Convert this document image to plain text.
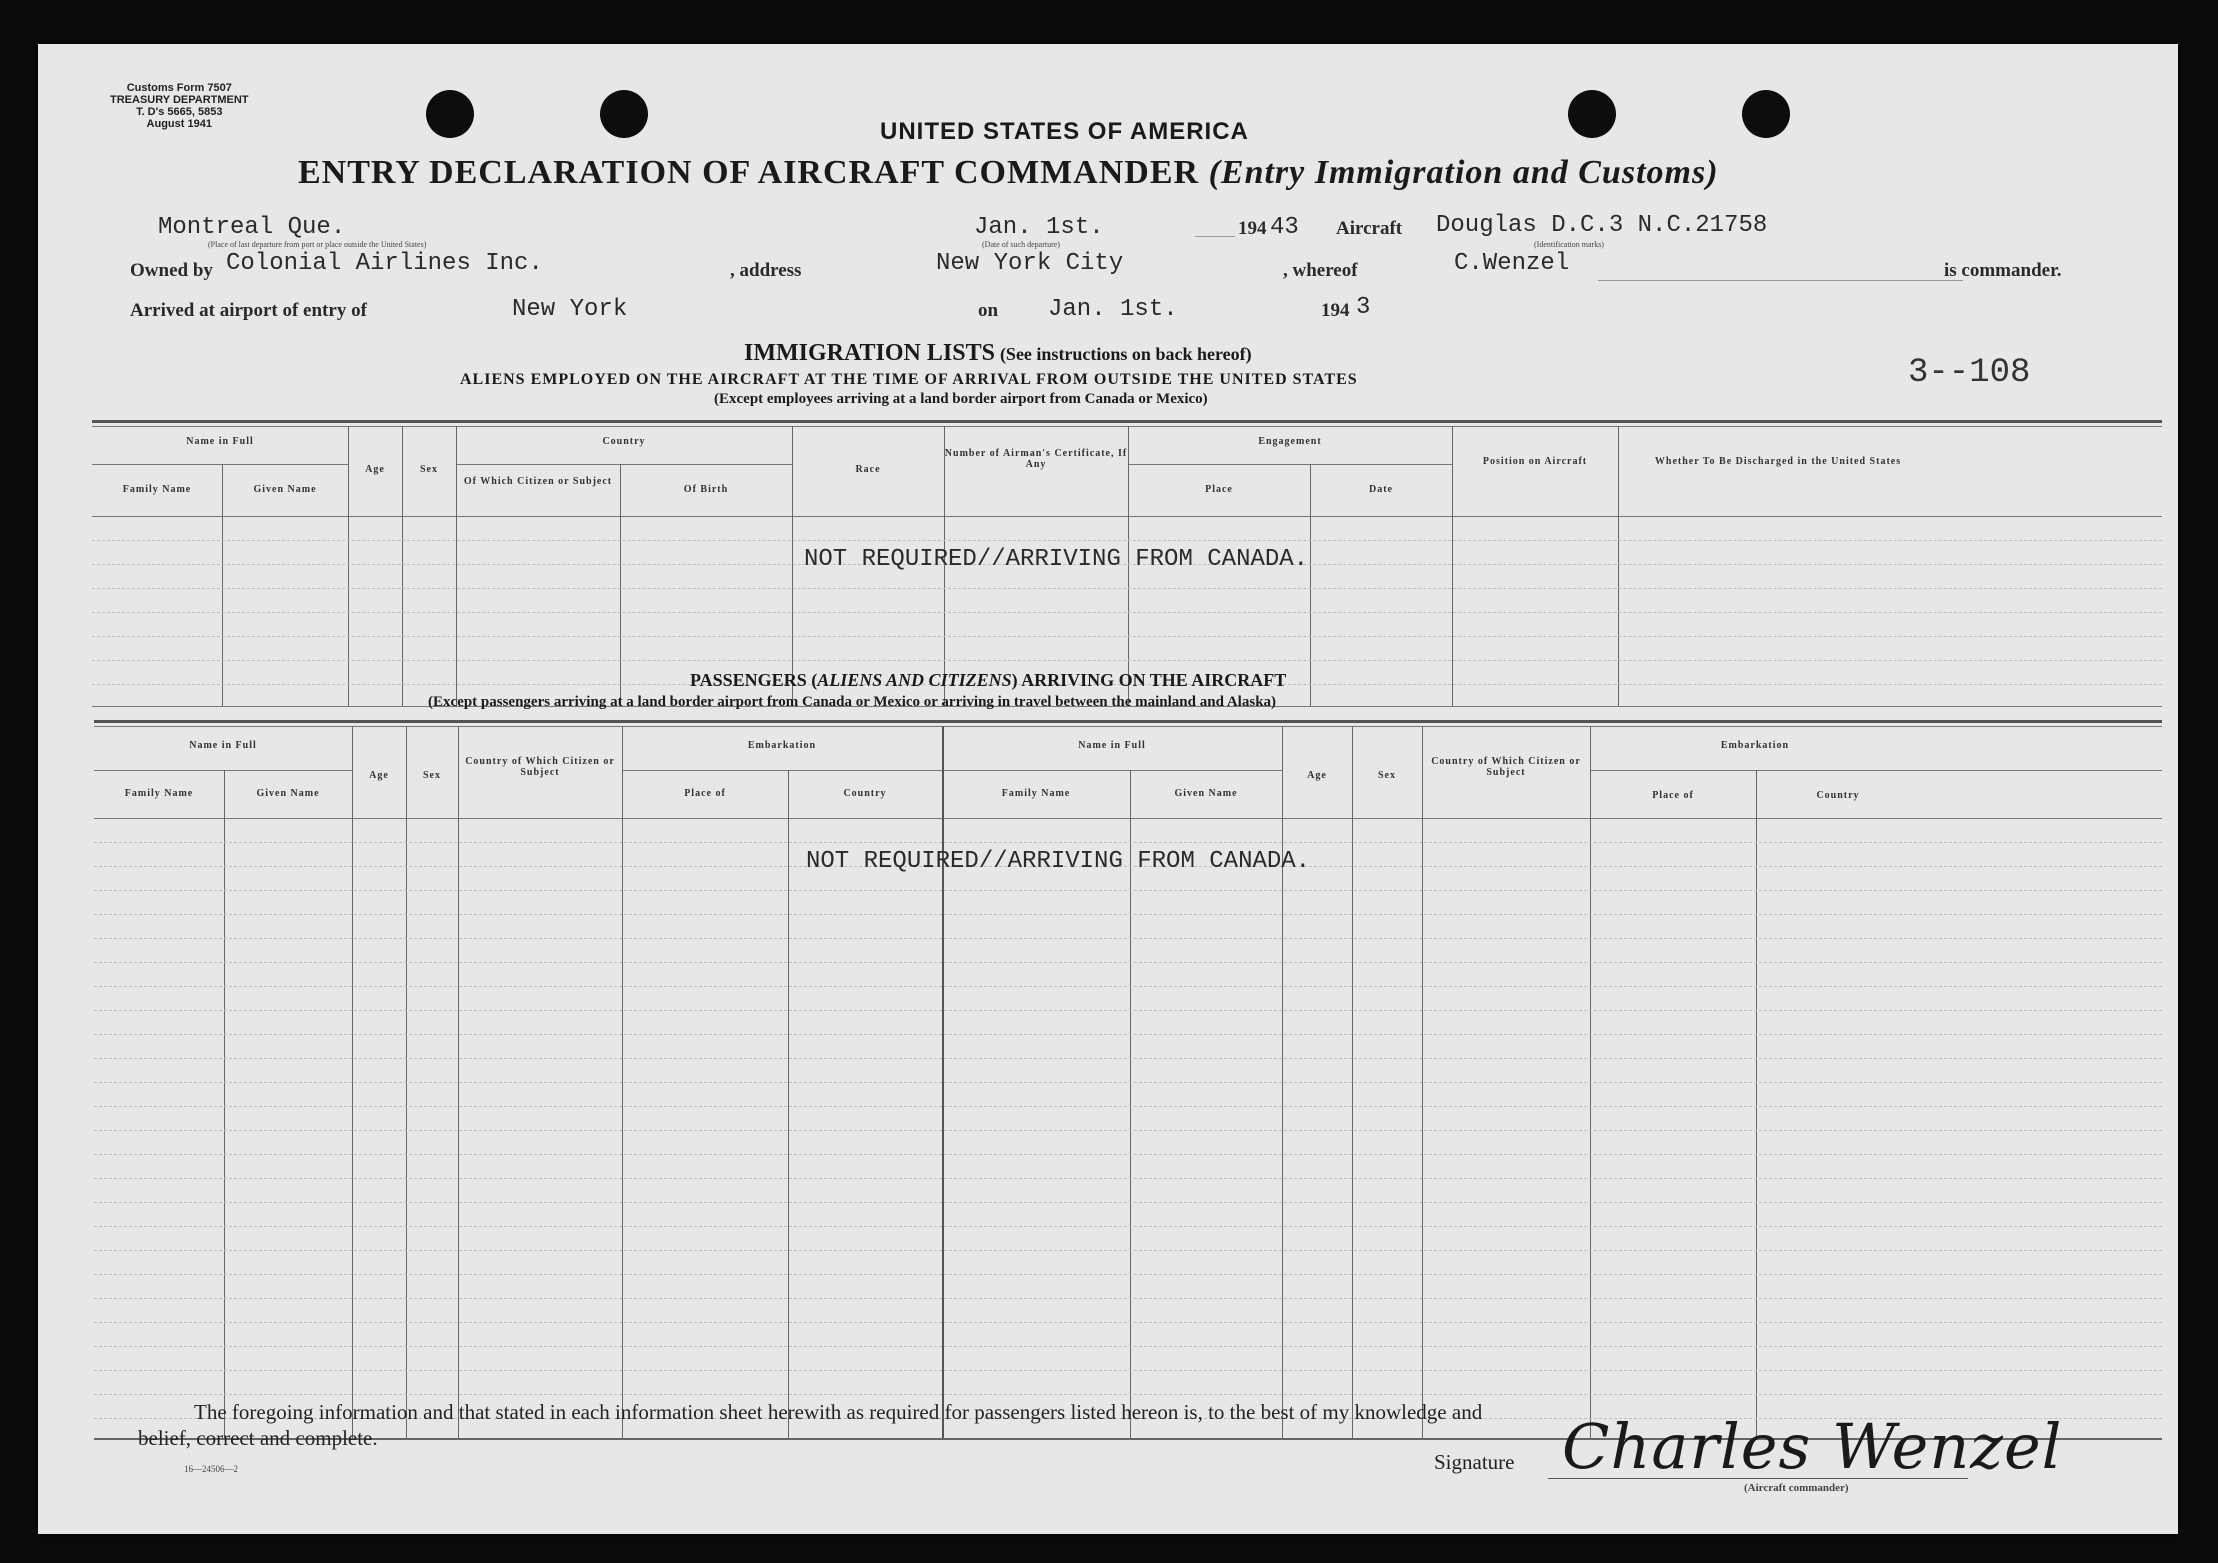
Customs Form 7507
TREASURY DEPARTMENT
T. D's 5665, 5853
August 1941	UNITED STATES OF AMERICA
ENTRY DECLARATION OF AIRCRAFT COMMANDER (Entry Immigration and Customs)
Montreal Que.
(Place of last departure from port or place outside the United States)
Jan. 1st.
(Date of such departure)
194 43 Aircraft Douglas D.C.3 N.C.21758
(Identification marks)
Owned by Colonial Airlines Inc.	, address	New York City	, whereof	C.Wenzel	is commander.
Arrived at airport of entry of	New York	on Jan. 1st.	194 3
3--108
IMMIGRATION LISTS (See instructions on back hereof)
ALIENS EMPLOYED ON THE AIRCRAFT AT THE TIME OF ARRIVAL FROM OUTSIDE THE UNITED STATES
(Except employees arriving at a land border airport from Canada or Mexico)
Name in Full
Family Name	Given Name
Age	Sex
Country
Of Which Citizen or Subject
Of Birth
Race
Number of Airman's Certificate, If Any
Engagement
Place	Date
Position on Aircraft	Whether To Be Discharged in the United States
NOT REQUIRED//ARRIVING FROM CANADA.
PASSENGERS (ALIENS AND CITIZENS) ARRIVING ON THE AIRCRAFT
(Except passengers arriving at a land border airport from Canada or Mexico or arriving in travel between the mainland and Alaska)
Name in Full
Family Name	Given Name
Age	Sex
Country of Which Citizen or Subject
Embarkation
Place of	Country
Name in Full
Family Name	Given Name
Age	Sex
Country of Which Citizen or Subject
Embarkation
Place of	Country
NOT REQUIRED//ARRIVING FROM CANADA.
The foregoing information and that stated in each information sheet herewith as required for passengers listed hereon is, to the best of my knowledge and
belief, correct and complete.
16—24506—2	Signature Charles Wenzel
(Aircraft commander)
